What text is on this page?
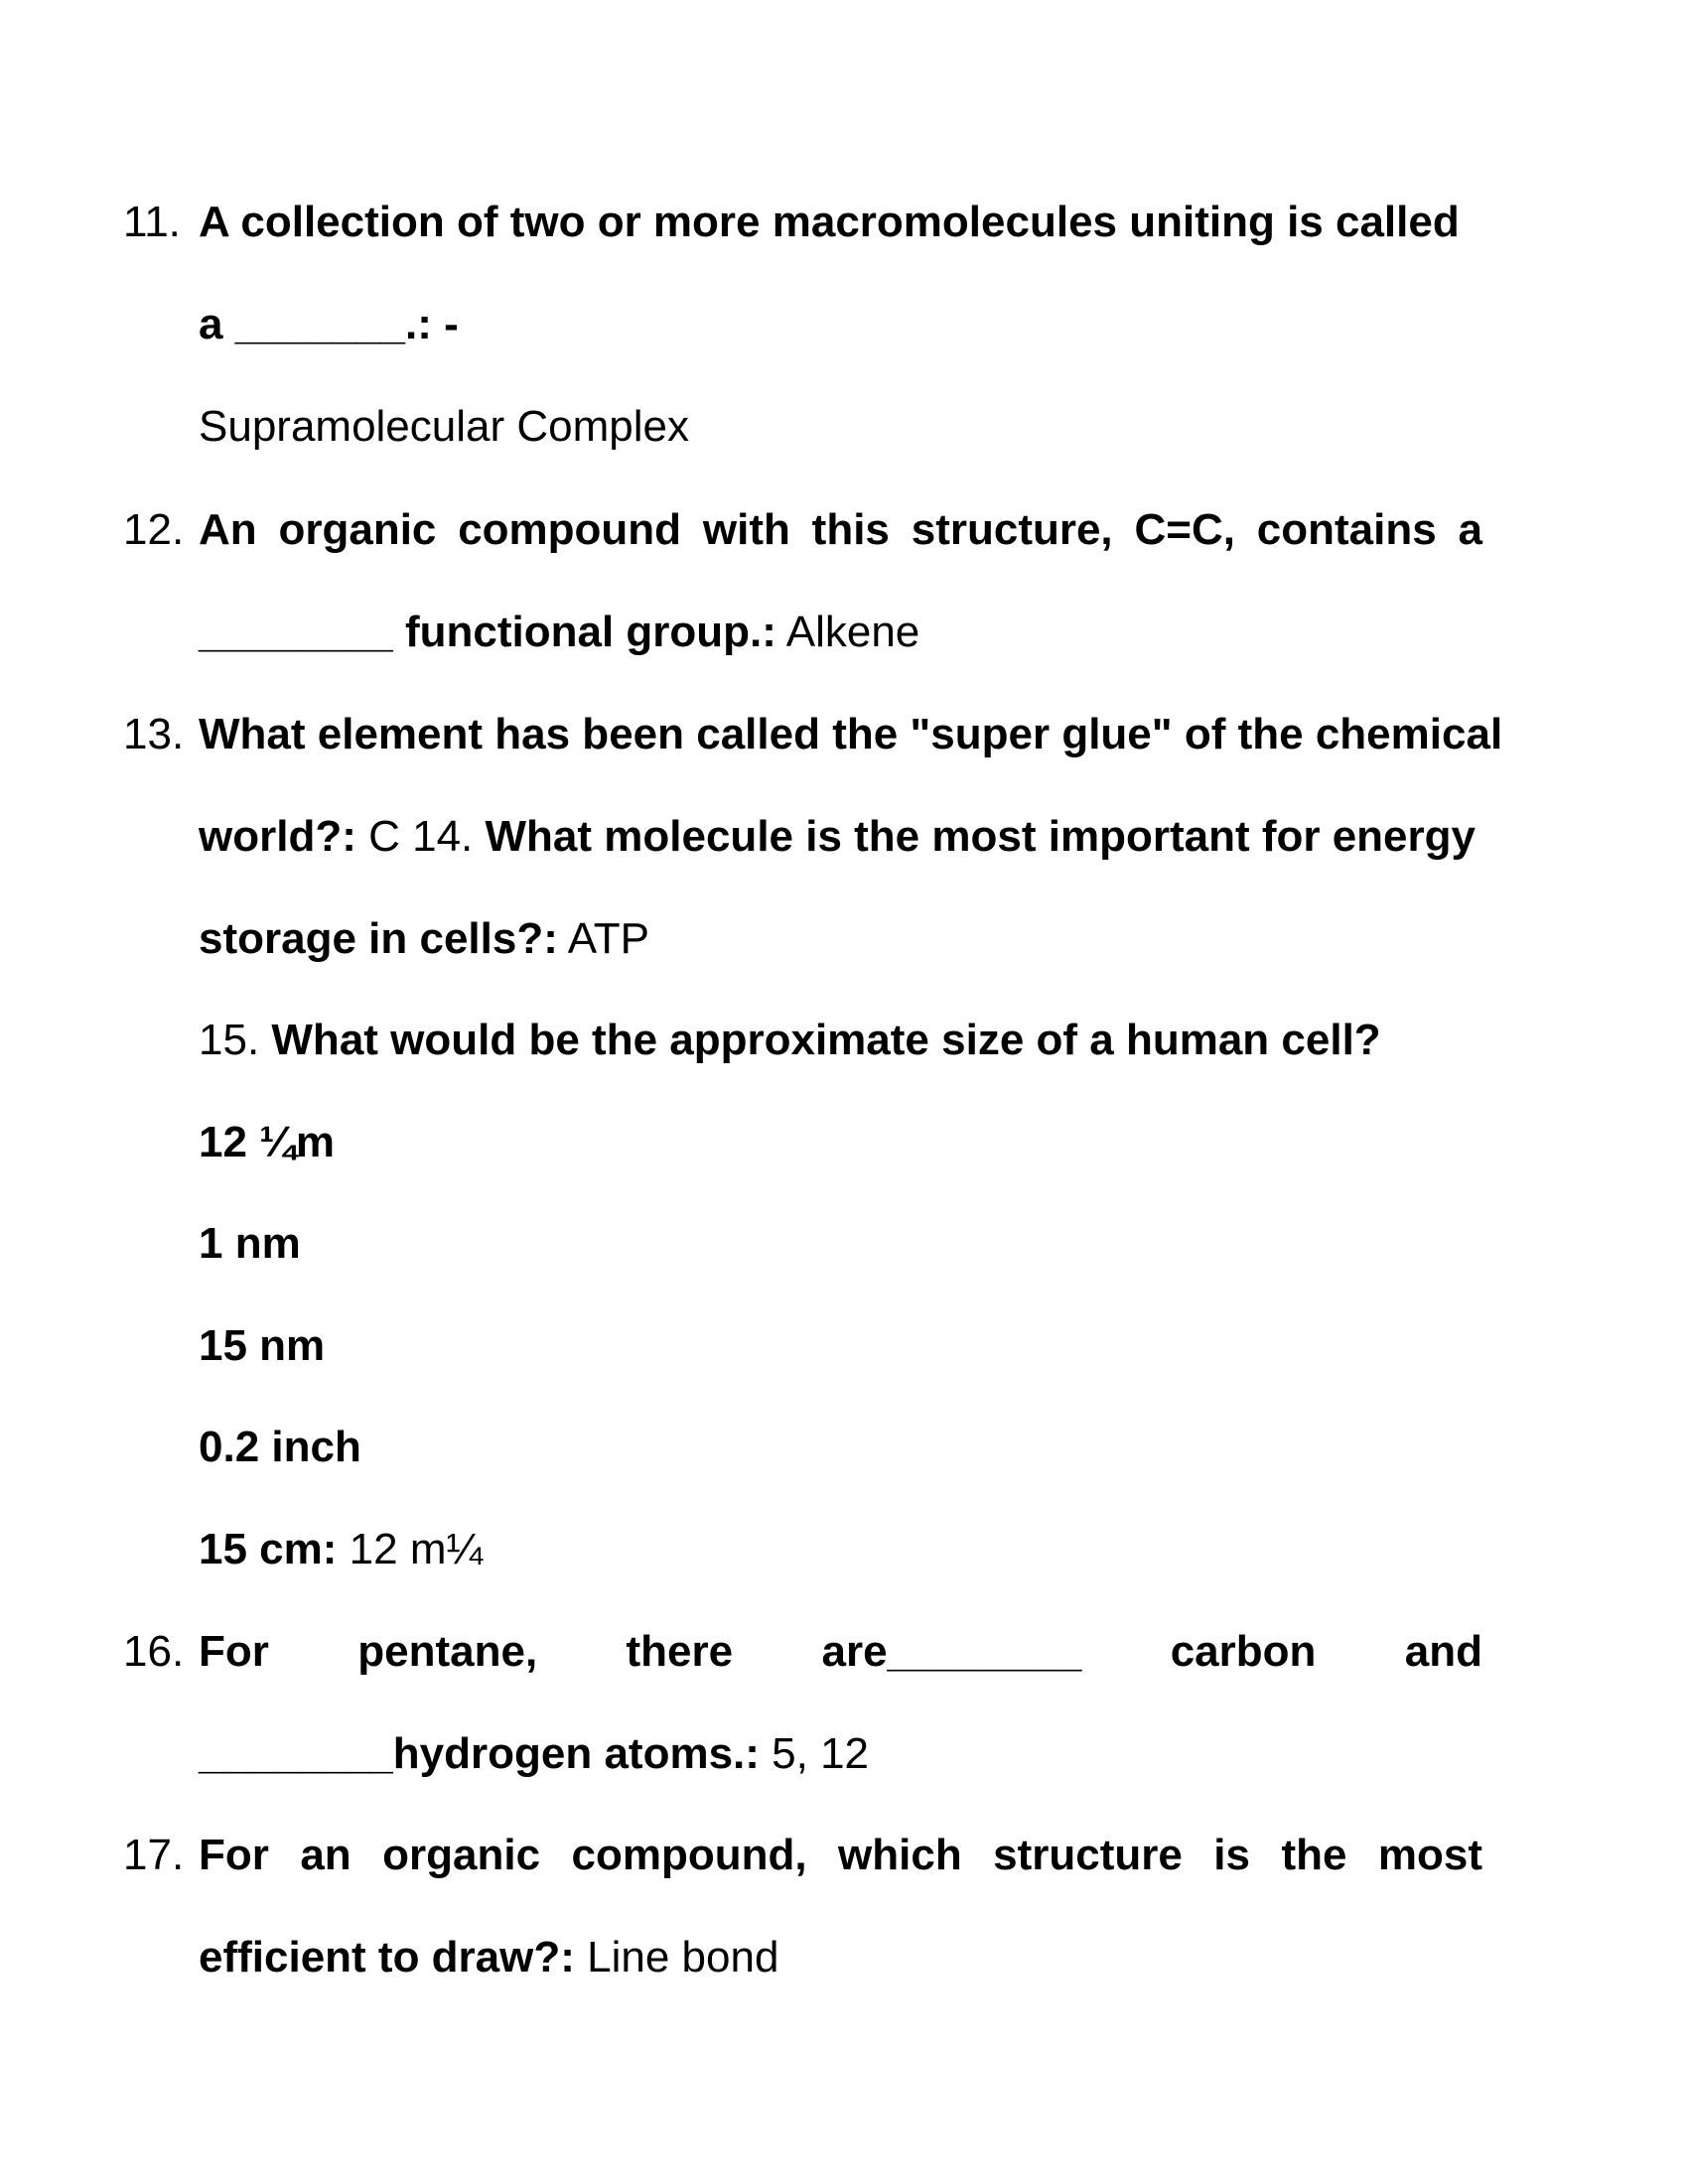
11. A collection of two or more macromolecules uniting is called
a _______.: -
Supramolecular Complex
12. An organic compound with this structure, C=C, contains a
________ functional group.: Alkene
13. What element has been called the "super glue" of the chemical
world?: C 14. What molecule is the most important for energy
storage in cells?: ATP
15. What would be the approximate size of a human cell?
12 ¼m
1 nm
15 nm
0.2 inch
15 cm: 12 m¼
16. For pentane, there are________ carbon and
________hydrogen atoms.: 5, 12
17. For an organic compound, which structure is the most
efficient to draw?: Line bond
